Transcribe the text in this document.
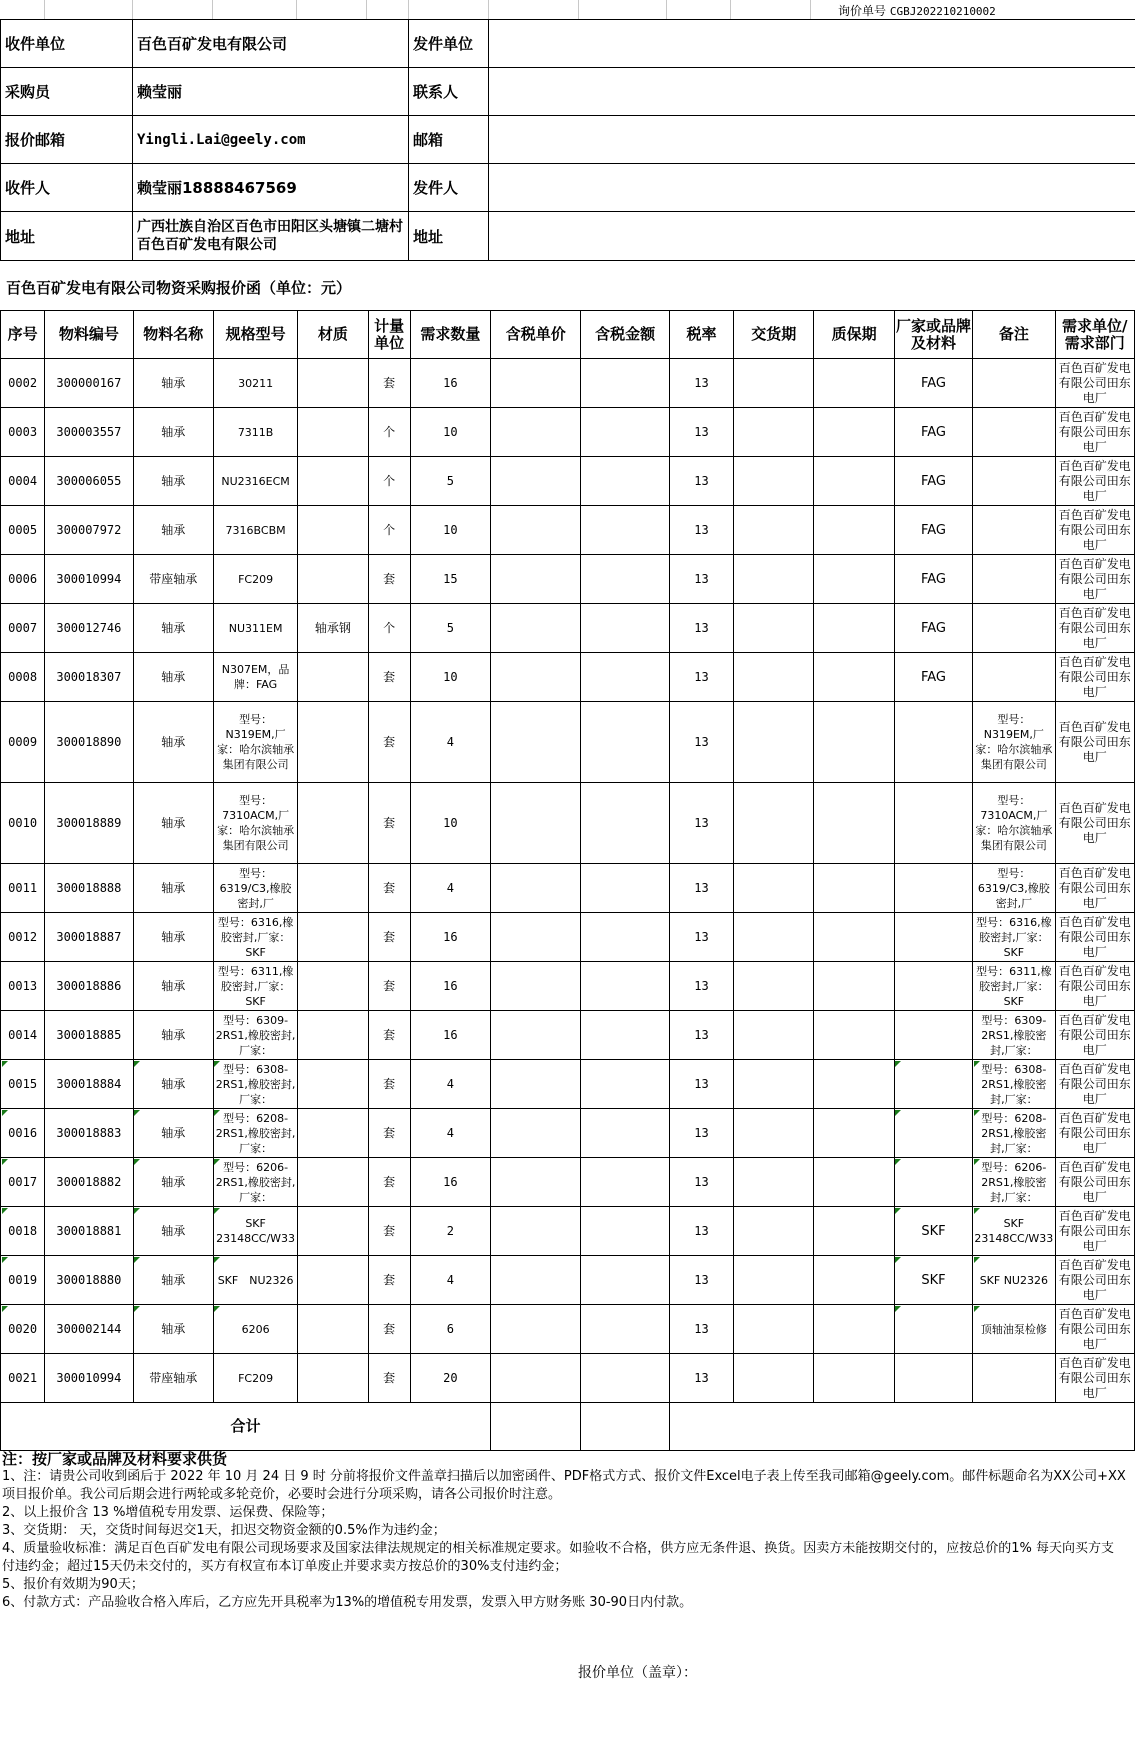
询价单号 CGBJ202210210002
收件单位	百色百矿发电有限公司	发件单位	
采购员	赖莹丽	联系人	
报价邮箱	Yingli.Lai@geely.com	邮箱	
收件人	赖莹丽18888467569	发件人	
地址	广西壮族自治区百色市田阳区头塘镇二塘村百色百矿发电有限公司	地址	
百色百矿发电有限公司物资采购报价函（单位：元）
序号	物料编号	物料名称	规格型号	材质	计量单位	需求数量	含税单价	含税金额	税率	交货期	质保期	厂家或品牌及材料	备注	需求单位/需求部门
0002	300000167	轴承	30211		套	16			13			FAG		百色百矿发电有限公司田东电厂
0003	300003557	轴承	7311B		个	10			13			FAG		百色百矿发电有限公司田东电厂
0004	300006055	轴承	NU2316ECM		个	5			13			FAG		百色百矿发电有限公司田东电厂
0005	300007972	轴承	7316BCBM		个	10			13			FAG		百色百矿发电有限公司田东电厂
0006	300010994	带座轴承	FC209		套	15			13			FAG		百色百矿发电有限公司田东电厂
0007	300012746	轴承	NU311EM	轴承钢	个	5			13			FAG		百色百矿发电有限公司田东电厂
0008	300018307	轴承	N307EM，品牌：FAG		套	10			13			FAG		百色百矿发电有限公司田东电厂
0009	300018890	轴承	型号：N319EM,厂家：哈尔滨轴承集团有限公司		套	4			13				型号：N319EM,厂家：哈尔滨轴承集团有限公司	百色百矿发电有限公司田东电厂
0010	300018889	轴承	型号：7310ACM,厂家：哈尔滨轴承集团有限公司		套	10			13				型号：7310ACM,厂家：哈尔滨轴承集团有限公司	百色百矿发电有限公司田东电厂
0011	300018888	轴承	型号：6319/C3,橡胶密封,厂		套	4			13				型号：6319/C3,橡胶密封,厂	百色百矿发电有限公司田东电厂
0012	300018887	轴承	型号：6316,橡胶密封,厂家：SKF		套	16			13				型号：6316,橡胶密封,厂家：SKF	百色百矿发电有限公司田东电厂
0013	300018886	轴承	型号：6311,橡胶密封,厂家：SKF		套	16			13				型号：6311,橡胶密封,厂家：SKF	百色百矿发电有限公司田东电厂
0014	300018885	轴承	型号：6309-2RS1,橡胶密封,厂家：		套	16			13				型号：6309-2RS1,橡胶密封,厂家：	百色百矿发电有限公司田东电厂
0015	300018884	轴承	型号：6308-2RS1,橡胶密封,厂家：		套	4			13				型号：6308-2RS1,橡胶密封,厂家：	百色百矿发电有限公司田东电厂
0016	300018883	轴承	型号：6208-2RS1,橡胶密封,厂家：		套	4			13				型号：6208-2RS1,橡胶密封,厂家：	百色百矿发电有限公司田东电厂
0017	300018882	轴承	型号：6206-2RS1,橡胶密封,厂家：		套	16			13				型号：6206-2RS1,橡胶密封,厂家：	百色百矿发电有限公司田东电厂
0018	300018881	轴承	SKF 23148CC/W33		套	2			13			SKF	SKF 23148CC/W33	百色百矿发电有限公司田东电厂
0019	300018880	轴承	SKF　NU2326		套	4			13			SKF	SKF NU2326	百色百矿发电有限公司田东电厂
0020	300002144	轴承	6206		套	6			13				顶轴油泵检修	百色百矿发电有限公司田东电厂
0021	300010994	带座轴承	FC209		套	20			13					百色百矿发电有限公司田东电厂
合计														
注：按厂家或品牌及材料要求供货

1、注：请贵公司收到函后于 2022 年 10 月 24 日 9 时 分前将报价文件盖章扫描后以加密函件、PDF格式方式、报价文件Excel电子表上传至我司邮箱@geely.com。邮件标题命名为XX公司+XX项目报价单。我公司后期会进行两轮或多轮竞价，必要时会进行分项采购，请各公司报价时注意。

2、以上报价含 13 %增值税专用发票、运保费、保险等；

3、交货期： 天，交货时间每迟交1天，扣迟交物资金额的0.5%作为违约金；

4、质量验收标准：满足百色百矿发电有限公司现场要求及国家法律法规规定的相关标准规定要求。如验收不合格，供方应无条件退、换货。因卖方未能按期交付的，应按总价的1% 每天向买方支付违约金；超过15天仍未交付的，买方有权宣布本订单废止并要求卖方按总价的30%支付违约金；

5、报价有效期为90天；

6、付款方式：产品验收合格入库后，乙方应先开具税率为13%的增值税专用发票，发票入甲方财务账 30-90日内付款。

报价单位（盖章）：
